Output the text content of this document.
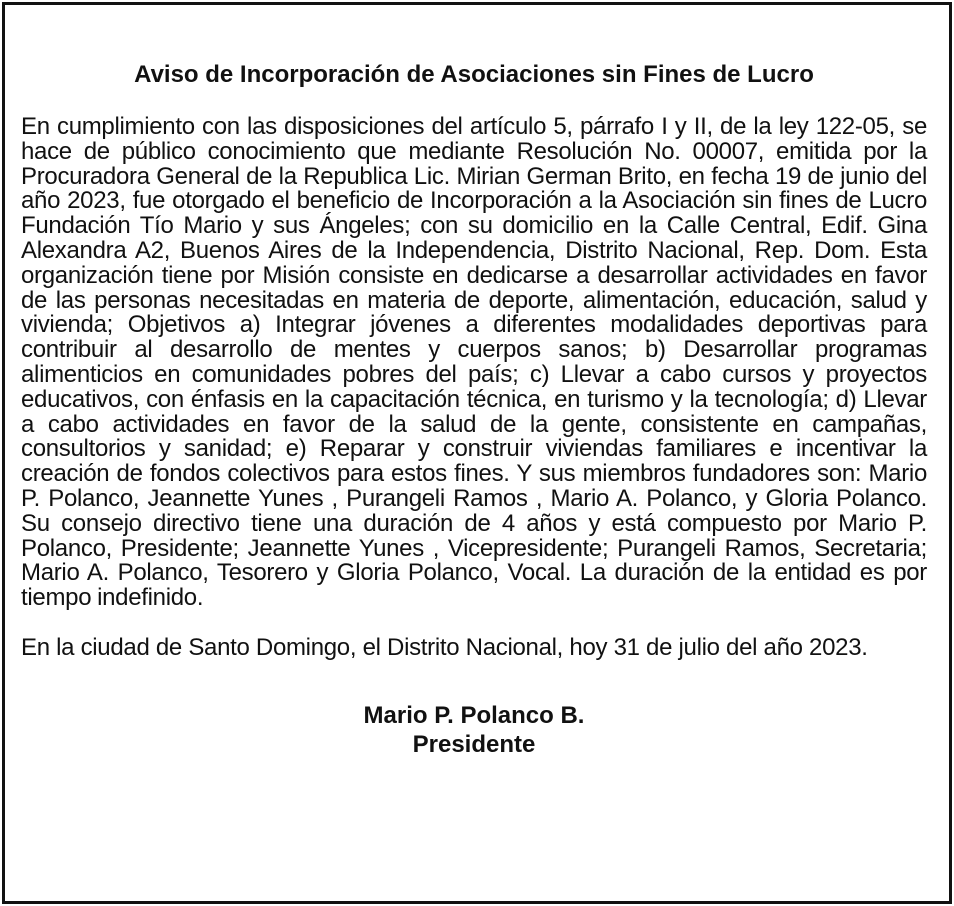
Aviso de Incorporación de Asociaciones sin Fines de Lucro

En cumplimiento con las disposiciones del artículo 5, párrafo I y II, de la ley 122-05, se hace de público conocimiento que mediante Resolución No. 00007, emitida por la Procuradora General de la Republica Lic. Mirian German Brito, en fecha 19 de junio del año 2023, fue otorgado el beneficio de Incorporación a la Asociación sin fines de Lucro Fundación Tío Mario y sus Ángeles; con su domicilio en la Calle Central, Edif. Gina Alexandra A2, Buenos Aires de la Independencia, Distrito Nacional, Rep. Dom. Esta organización tiene por Misión consiste en dedicarse a desarrollar actividades en favor de las personas necesitadas en materia de deporte, alimentación, educación, salud y vivienda; Objetivos a) Integrar jóvenes a diferentes modalidades deportivas para contribuir al desarrollo de mentes y cuerpos sanos; b) Desarrollar programas alimenticios en comunidades pobres del país; c) Llevar a cabo cursos y proyectos educativos, con énfasis en la capacitación técnica, en turismo y la tecnología; d) Llevar a cabo actividades en favor de la salud de la gente, consistente en campañas, consultorios y sanidad; e) Reparar y construir viviendas familiares e incentivar la creación de fondos colectivos para estos fines. Y sus miembros fundadores son: Mario P. Polanco, Jeannette Yunes , Purangeli Ramos , Mario A. Polanco, y Gloria Polanco. Su consejo directivo tiene una duración de 4 años y está compuesto por Mario P. Polanco, Presidente; Jeannette Yunes , Vicepresidente; Purangeli Ramos, Secretaria; Mario A. Polanco, Tesorero y Gloria Polanco, Vocal. La duración de la entidad es por tiempo indefinido.

En la ciudad de Santo Domingo, el Distrito Nacional, hoy 31 de julio del año 2023.

Mario P. Polanco B.
Presidente
